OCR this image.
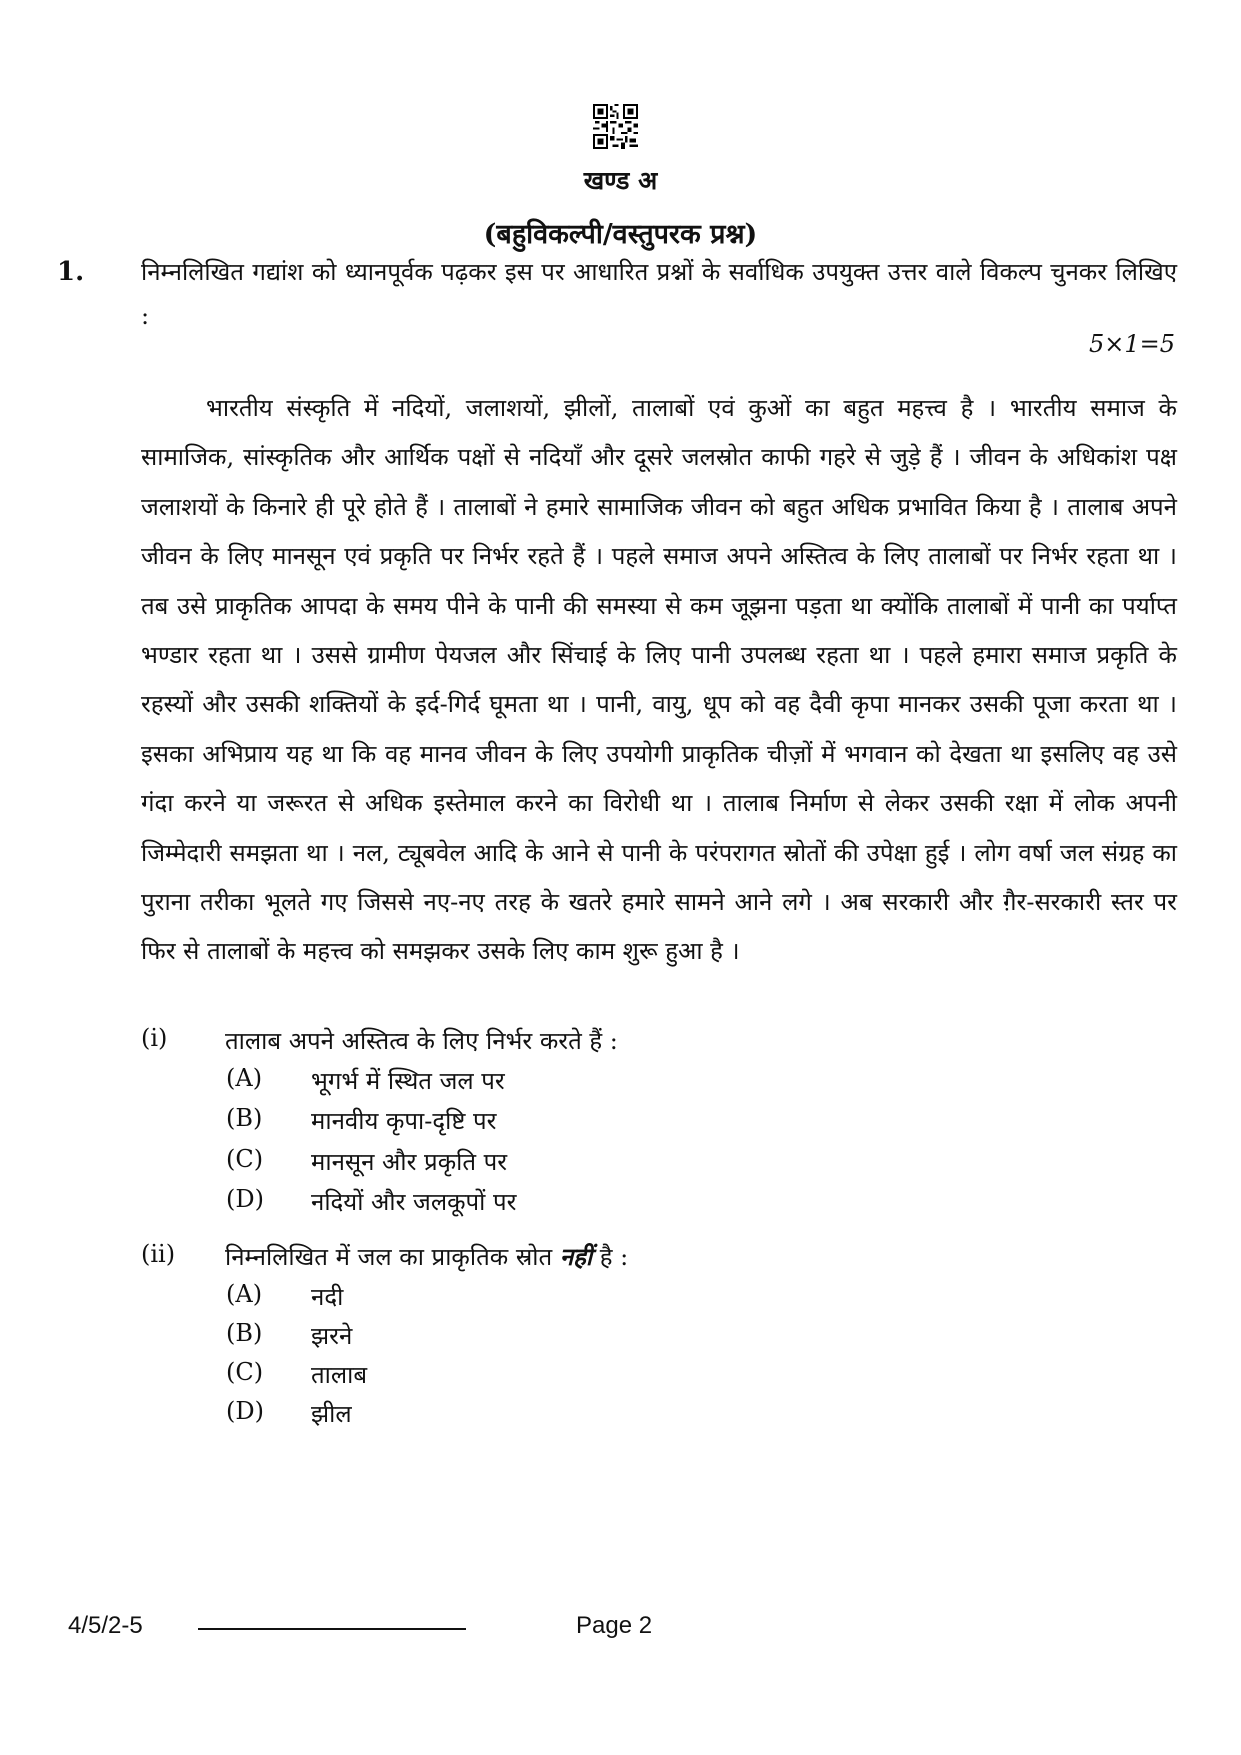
खण्ड अ
(बहुविकल्पी/वस्तुपरक प्रश्न)
1. निम्नलिखित गद्यांश को ध्यानपूर्वक पढ़कर इस पर आधारित प्रश्नों के सर्वाधिक उपयुक्त उत्तर वाले विकल्प चुनकर लिखिए :
5×1=5

भारतीय संस्कृति में नदियों, जलाशयों, झीलों, तालाबों एवं कुओं का बहुत महत्त्व है । भारतीय समाज के सामाजिक, सांस्कृतिक और आर्थिक पक्षों से नदियाँ और दूसरे जलस्रोत काफी गहरे से जुड़े हैं । जीवन के अधिकांश पक्ष जलाशयों के किनारे ही पूरे होते हैं । तालाबों ने हमारे सामाजिक जीवन को बहुत अधिक प्रभावित किया है । तालाब अपने जीवन के लिए मानसून एवं प्रकृति पर निर्भर रहते हैं । पहले समाज अपने अस्तित्व के लिए तालाबों पर निर्भर रहता था । तब उसे प्राकृतिक आपदा के समय पीने के पानी की समस्या से कम जूझना पड़ता था क्योंकि तालाबों में पानी का पर्याप्त भण्डार रहता था । उससे ग्रामीण पेयजल और सिंचाई के लिए पानी उपलब्ध रहता था । पहले हमारा समाज प्रकृति के रहस्यों और उसकी शक्तियों के इर्द-गिर्द घूमता था । पानी, वायु, धूप को वह दैवी कृपा मानकर उसकी पूजा करता था । इसका अभिप्राय यह था कि वह मानव जीवन के लिए उपयोगी प्राकृतिक चीज़ों में भगवान को देखता था इसलिए वह उसे गंदा करने या जरूरत से अधिक इस्तेमाल करने का विरोधी था । तालाब निर्माण से लेकर उसकी रक्षा में लोक अपनी जिम्मेदारी समझता था । नल, ट्यूबवेल आदि के आने से पानी के परंपरागत स्रोतों की उपेक्षा हुई । लोग वर्षा जल संग्रह का पुराना तरीका भूलते गए जिससे नए-नए तरह के खतरे हमारे सामने आने लगे । अब सरकारी और ग़ैर-सरकारी स्तर पर फिर से तालाबों के महत्त्व को समझकर उसके लिए काम शुरू हुआ है ।

(i) तालाब अपने अस्तित्व के लिए निर्भर करते हैं :
(A) भूगर्भ में स्थित जल पर
(B) मानवीय कृपा-दृष्टि पर
(C) मानसून और प्रकृति पर
(D) नदियों और जलकूपों पर
(ii) निम्नलिखित में जल का प्राकृतिक स्रोत नहीं है :
(A) नदी
(B) झरने
(C) तालाब
(D) झील
4/5/2-5	Page 2
